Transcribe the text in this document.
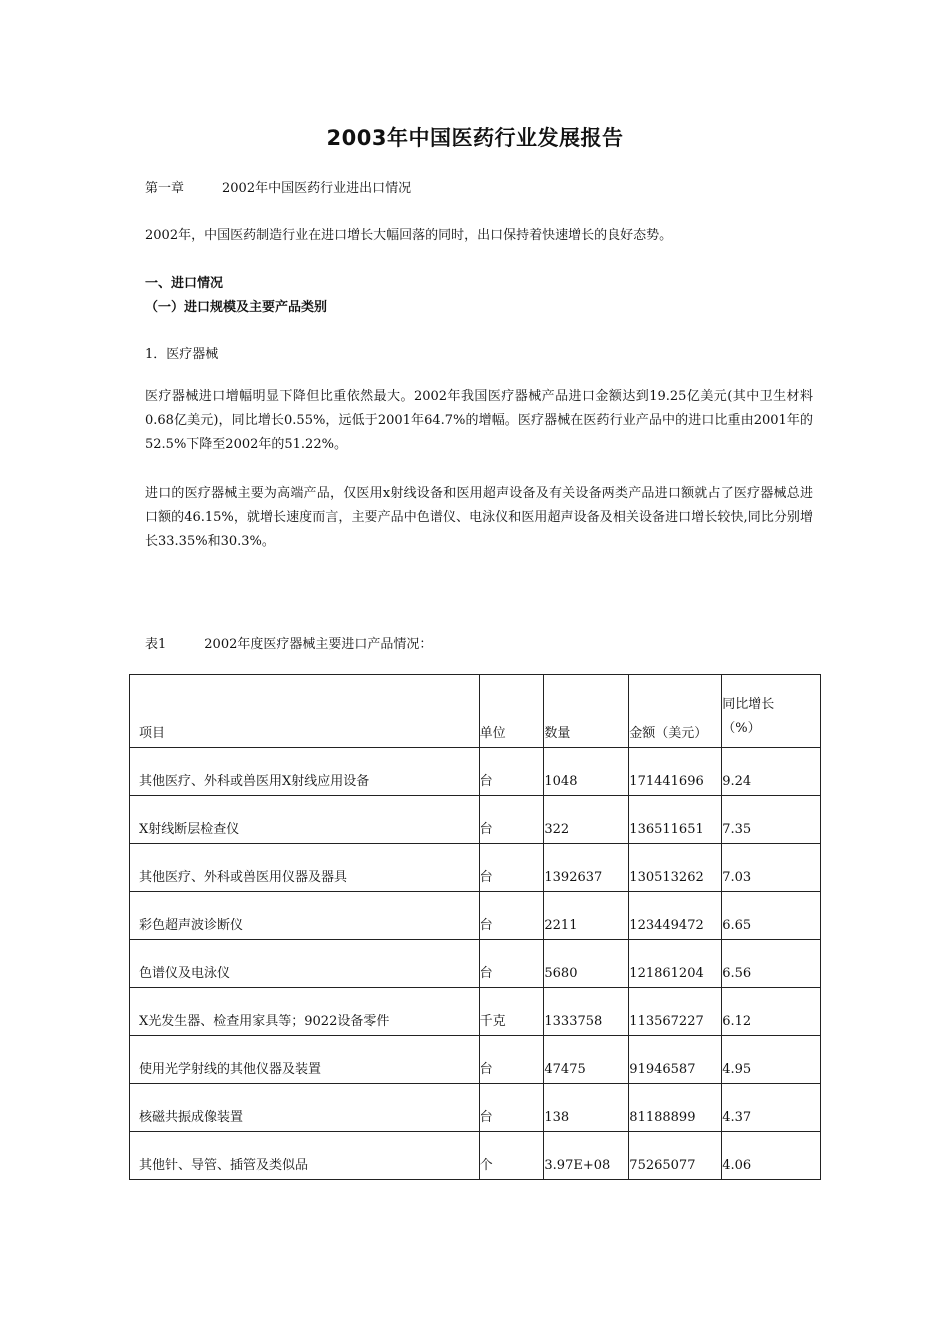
2003年中国医药行业发展报告
第一章	2002年中国医药行业进出口情况
2002年，中国医药制造行业在进口增长大幅回落的同时，出口保持着快速增长的良好态势。
一、进口情况
（一）进口规模及主要产品类别
1．医疗器械
医疗器械进口增幅明显下降但比重依然最大。2002年我国医疗器械产品进口金额达到19.25亿美元(其中卫生材料0.68亿美元)，同比增长0.55%，远低于2001年64.7%的增幅。医疗器械在医药行业产品中的进口比重由2001年的52.5%下降至2002年的51.22%。
进口的医疗器械主要为高端产品，仅医用x射线设备和医用超声设备及有关设备两类产品进口额就占了医疗器械总进口额的46.15%，就增长速度而言，主要产品中色谱仪、电泳仪和医用超声设备及相关设备进口增长较快,同比分别增长33.35%和30.3%。
表1	2002年度医疗器械主要进口产品情况：
项目	单位	数量	金额（美元）	同比增长
（%）

其他医疗、外科或兽医用X射线应用设备	台	1048	171441696	9.24
X射线断层检查仪	台	322	136511651	7.35
其他医疗、外科或兽医用仪器及器具	台	1392637	130513262	7.03
彩色超声波诊断仪	台	2211	123449472	6.65
色谱仪及电泳仪	台	5680	121861204	6.56
X光发生器、检查用家具等；9022设备零件	千克	1333758	113567227	6.12
使用光学射线的其他仪器及装置	台	47475	91946587	4.95
核磁共振成像装置	台	138	81188899	4.37
其他针、导管、插管及类似品	个	3.97E+08	75265077	4.06
